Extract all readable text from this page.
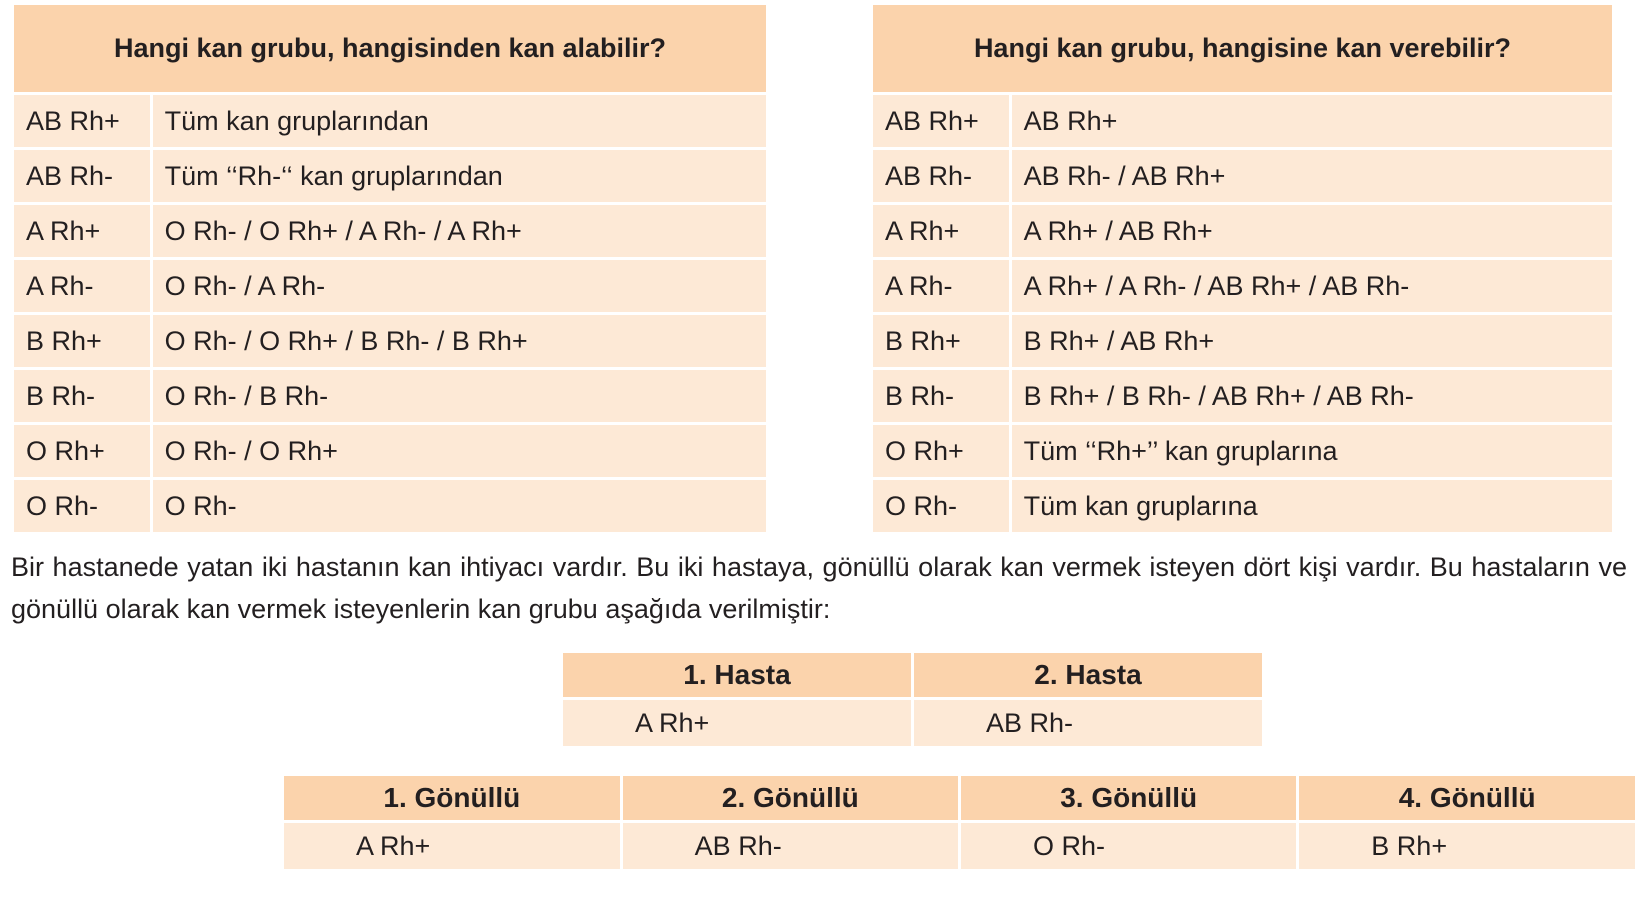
Hangi kan grubu, hangisinden kan alabilir?	
AB Rh+	Tüm kan gruplarından
AB Rh-	Tüm ‘‘Rh-‘‘ kan gruplarından
A Rh+	O Rh- / O Rh+ / A Rh- / A Rh+
A Rh-	O Rh- / A Rh-
B Rh+	O Rh- / O Rh+ / B Rh- / B Rh+
B Rh-	O Rh- / B Rh-
O Rh+	O Rh- / O Rh+
O Rh-	O Rh-
Hangi kan grubu, hangisine kan verebilir?	
AB Rh+	AB Rh+
AB Rh-	AB Rh- / AB Rh+
A Rh+	A Rh+ / AB Rh+
A Rh-	A Rh+ / A Rh- / AB Rh+ / AB Rh-
B Rh+	B Rh+ / AB Rh+
B Rh-	B Rh+ / B Rh- / AB Rh+ / AB Rh-
O Rh+	Tüm ‘‘Rh+’’ kan gruplarına
O Rh-	Tüm kan gruplarına

Bir hastanede yatan iki hastanın kan ihtiyacı vardır. Bu iki hastaya, gönüllü olarak kan vermek isteyen dört kişi vardır. Bu hastaların ve gönüllü olarak kan vermek isteyenlerin kan grubu aşağıda verilmiştir:

1. Hasta	2. Hasta
A Rh+	AB Rh-
1. Gönüllü	2. Gönüllü	3. Gönüllü	4. Gönüllü
A Rh+	AB Rh-	O Rh-	B Rh+
